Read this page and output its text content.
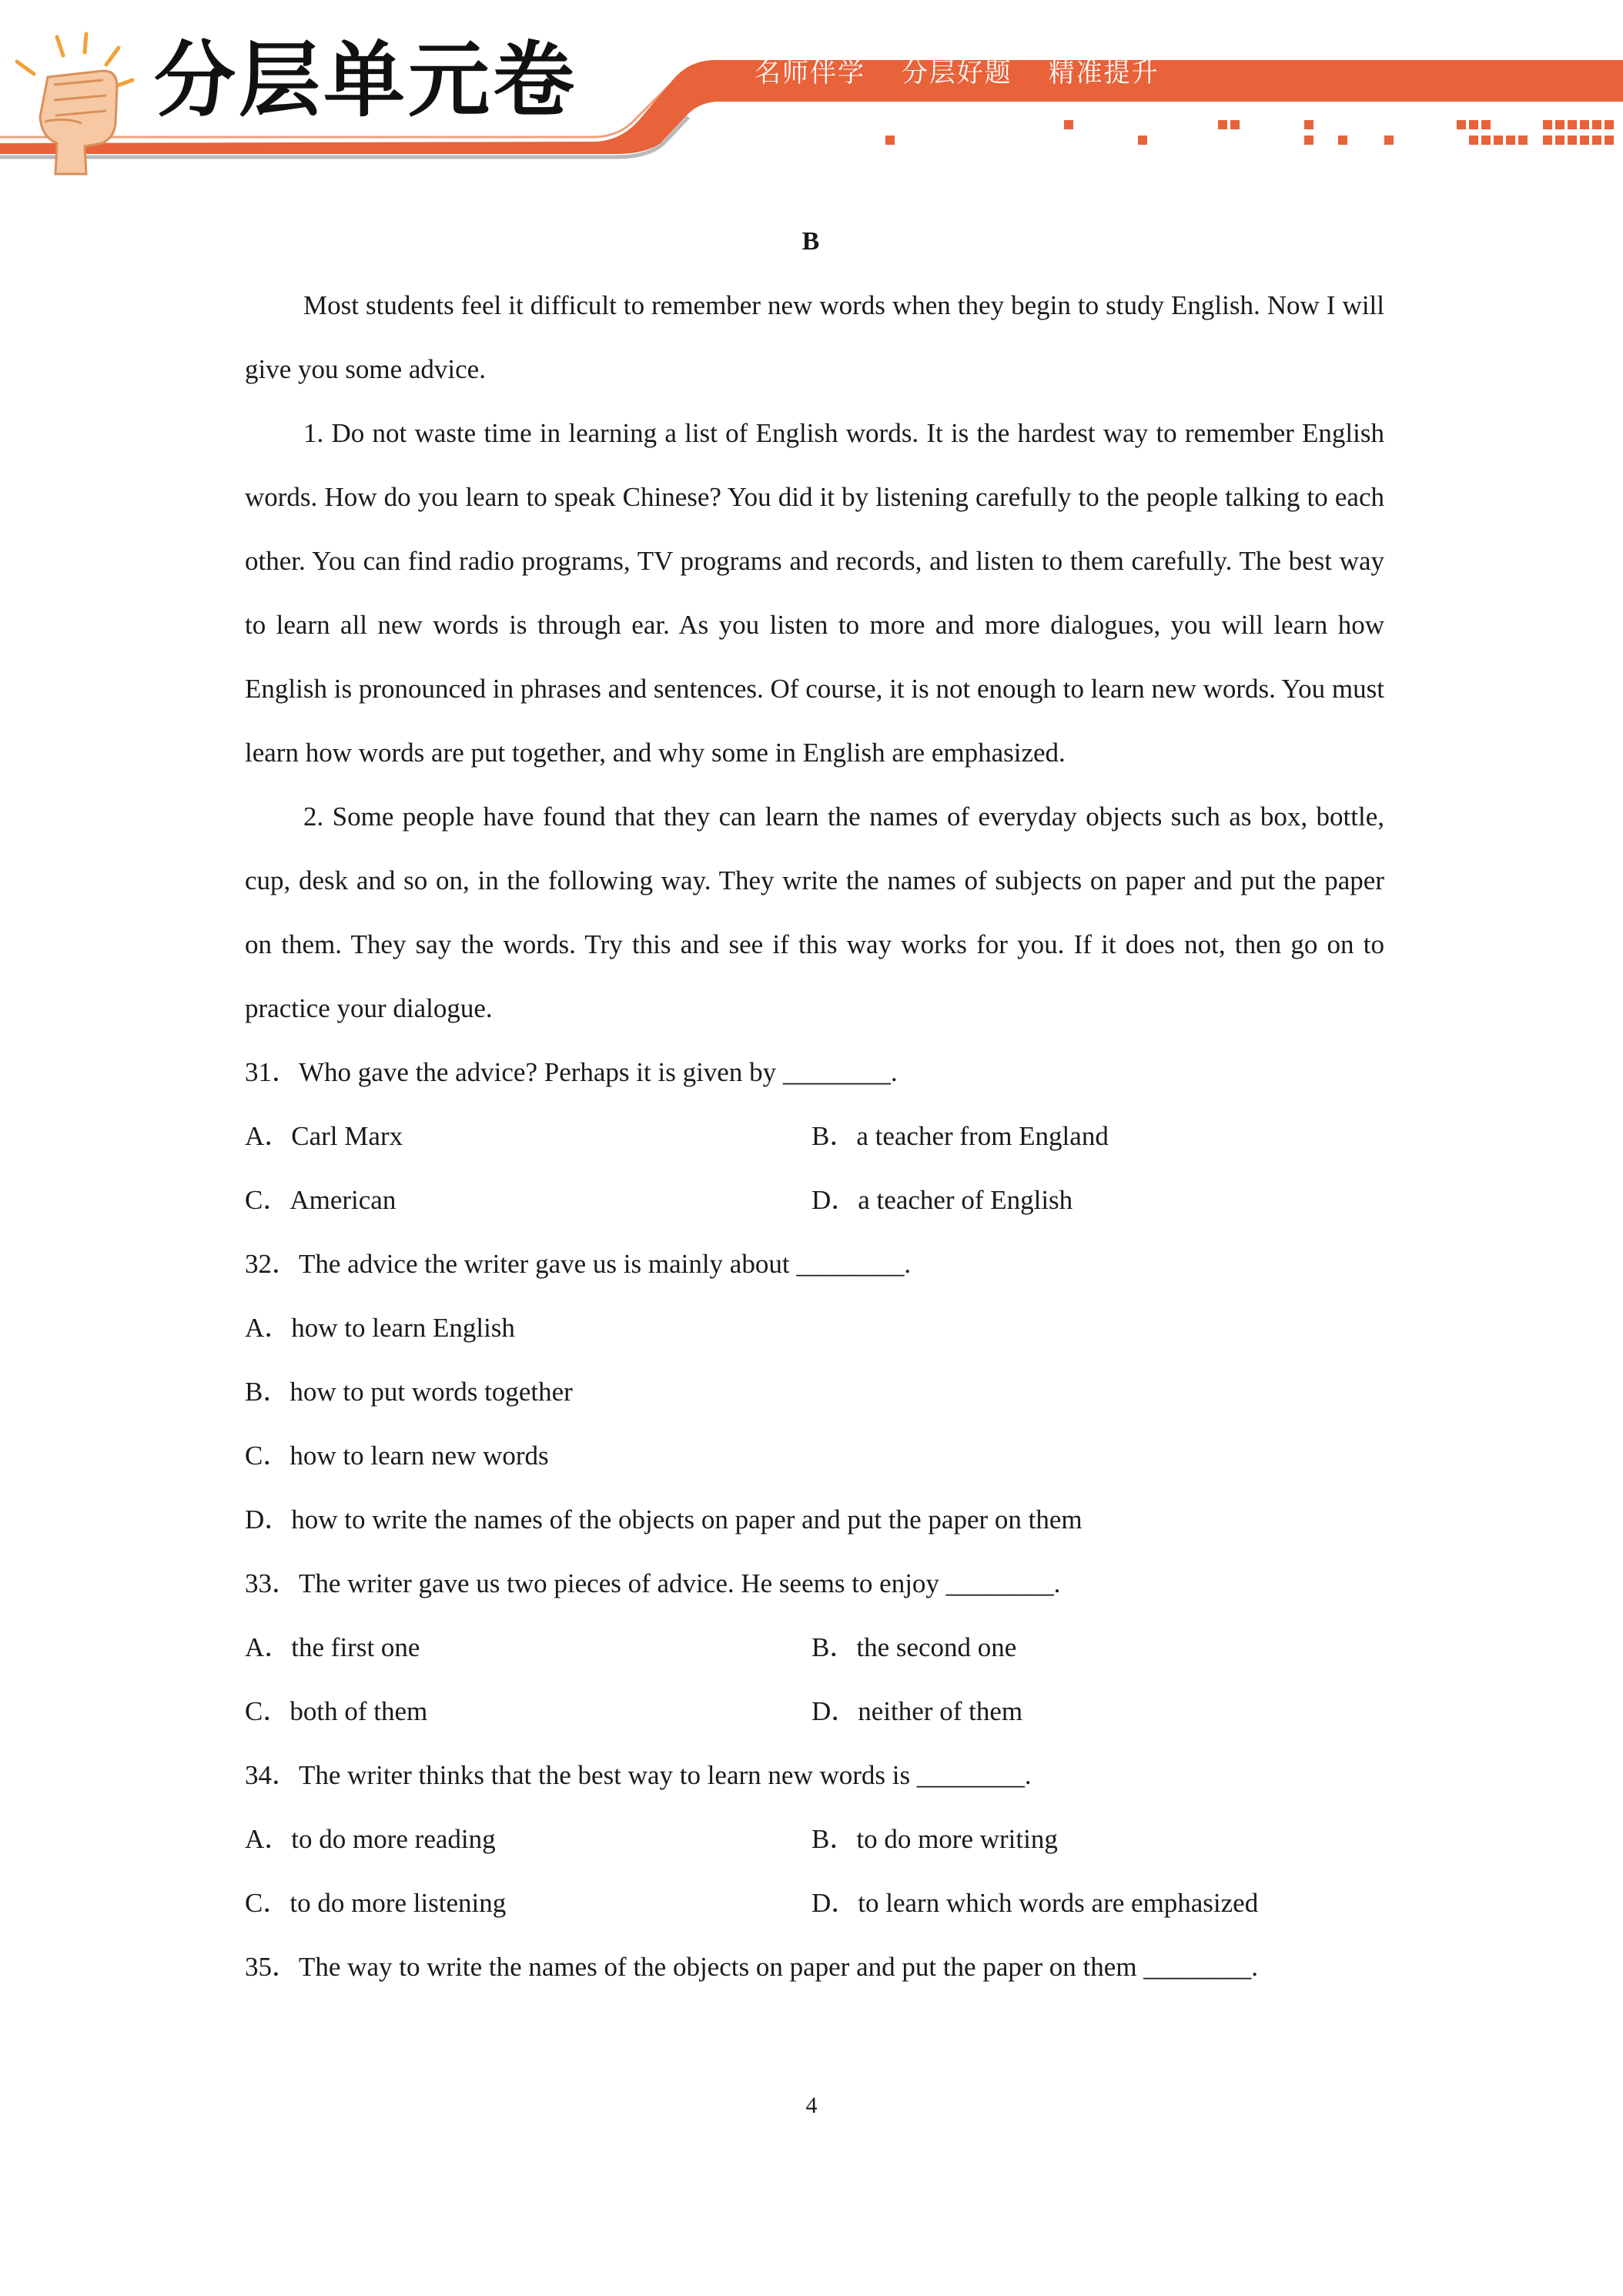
分层单元卷	名师伴学 分层好题 精准提升

B

Most students feel it difficult to remember new words when they begin to study English. Now I will give you some advice.

1. Do not waste time in learning a list of English words. It is the hardest way to remember English words. How do you learn to speak Chinese? You did it by listening carefully to the people talking to each other. You can find radio programs, TV programs and records, and listen to them carefully. The best way to learn all new words is through ear. As you listen to more and more dialogues, you will learn how English is pronounced in phrases and sentences. Of course, it is not enough to learn new words. You must learn how words are put together, and why some in English are emphasized.

2. Some people have found that they can learn the names of everyday objects such as box, bottle, cup, desk and so on, in the following way. They write the names of subjects on paper and put the paper on them. They say the words. Try this and see if this way works for you. If it does not, then go on to practice your dialogue.

31．Who gave the advice? Perhaps it is given by ________.

A．Carl Marx	B．a teacher from England
C．American	D．a teacher of English

32．The advice the writer gave us is mainly about ________.

A．how to learn English

B．how to put words together

C．how to learn new words

D．how to write the names of the objects on paper and put the paper on them

33．The writer gave us two pieces of advice. He seems to enjoy ________.

A．the first one	B．the second one
C．both of them	D．neither of them

34．The writer thinks that the best way to learn new words is ________.

A．to do more reading	B．to do more writing
C．to do more listening	D．to learn which words are emphasized

35．The way to write the names of the objects on paper and put the paper on them ________.

4
